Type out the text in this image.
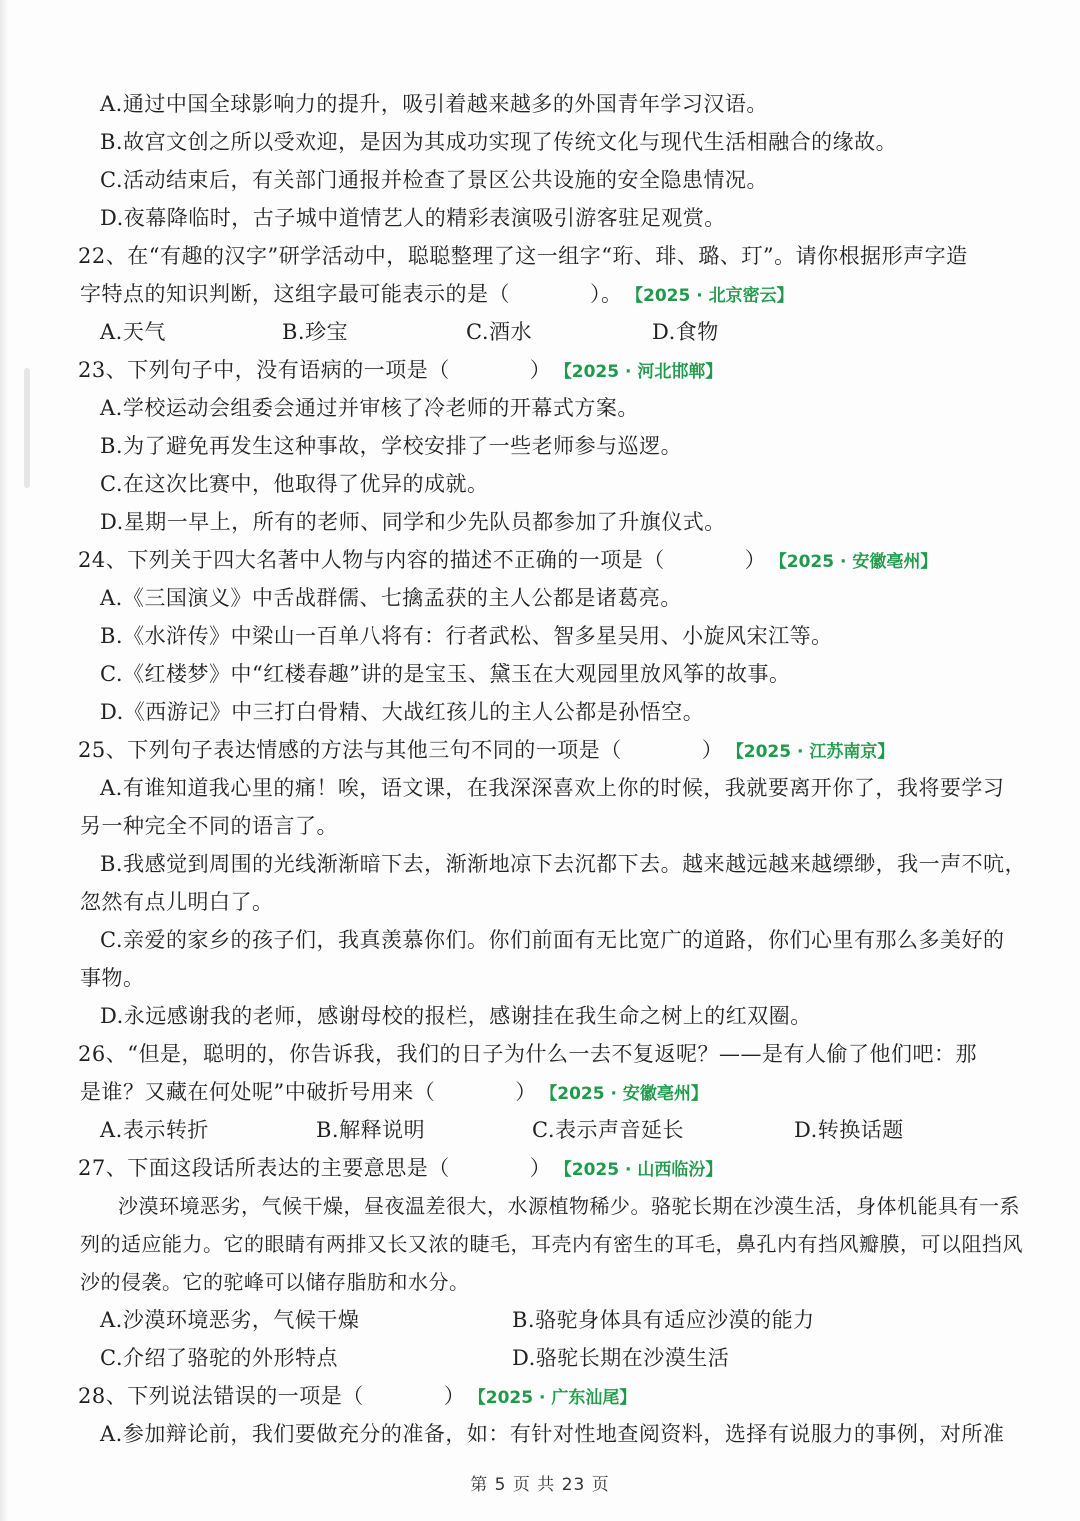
A.通过中国全球影响力的提升，吸引着越来越多的外国青年学习汉语。
B.故宫文创之所以受欢迎，是因为其成功实现了传统文化与现代生活相融合的缘故。
C.活动结束后，有关部门通报并检查了景区公共设施的安全隐患情况。
D.夜幕降临时，古子城中道情艺人的精彩表演吸引游客驻足观赏。
22、在“有趣的汉字”研学活动中，聪聪整理了这一组字“珩、琲、璐、玎”。请你根据形声字造
字特点的知识判断，这组字最可能表示的是（	）。 【2025 · 北京密云】
A.天气	B.珍宝	C.酒水	D.食物
23、下列句子中，没有语病的一项是（	） 【2025 · 河北邯郸】
A.学校运动会组委会通过并审核了冷老师的开幕式方案。
B.为了避免再发生这种事故，学校安排了一些老师参与巡逻。
C.在这次比赛中，他取得了优异的成就。
D.星期一早上，所有的老师、同学和少先队员都参加了升旗仪式。
24、下列关于四大名著中人物与内容的描述不正确的一项是（	） 【2025 · 安徽亳州】
A.《三国演义》中舌战群儒、七擒孟获的主人公都是诸葛亮。
B.《水浒传》中梁山一百单八将有：行者武松、智多星吴用、小旋风宋江等。
C.《红楼梦》中“红楼春趣”讲的是宝玉、黛玉在大观园里放风筝的故事。
D.《西游记》中三打白骨精、大战红孩儿的主人公都是孙悟空。
25、下列句子表达情感的方法与其他三句不同的一项是（	） 【2025 · 江苏南京】
A.有谁知道我心里的痛！唉，语文课，在我深深喜欢上你的时候，我就要离开你了，我将要学习
另一种完全不同的语言了。
B.我感觉到周围的光线渐渐暗下去，渐渐地凉下去沉都下去。越来越远越来越缥缈，我一声不吭，
忽然有点儿明白了。
C.亲爱的家乡的孩子们，我真羡慕你们。你们前面有无比宽广的道路，你们心里有那么多美好的
事物。
D.永远感谢我的老师，感谢母校的报栏，感谢挂在我生命之树上的红双圈。
26、“但是，聪明的，你告诉我，我们的日子为什么一去不复返呢？——是有人偷了他们吧：那
是谁？又藏在何处呢”中破折号用来（	） 【2025 · 安徽亳州】
A.表示转折	B.解释说明	C.表示声音延长	D.转换话题
27、下面这段话所表达的主要意思是（	） 【2025 · 山西临汾】
沙漠环境恶劣，气候干燥，昼夜温差很大，水源植物稀少。骆驼长期在沙漠生活，身体机能具有一系
列的适应能力。它的眼睛有两排又长又浓的睫毛，耳壳内有密生的耳毛，鼻孔内有挡风瓣膜，可以阻挡风
沙的侵袭。它的驼峰可以储存脂肪和水分。
A.沙漠环境恶劣，气候干燥	B.骆驼身体具有适应沙漠的能力
C.介绍了骆驼的外形特点	D.骆驼长期在沙漠生活
28、下列说法错误的一项是（	） 【2025 · 广东汕尾】
A.参加辩论前，我们要做充分的准备，如：有针对性地查阅资料，选择有说服力的事例，对所准
第 5 页 共 23 页
